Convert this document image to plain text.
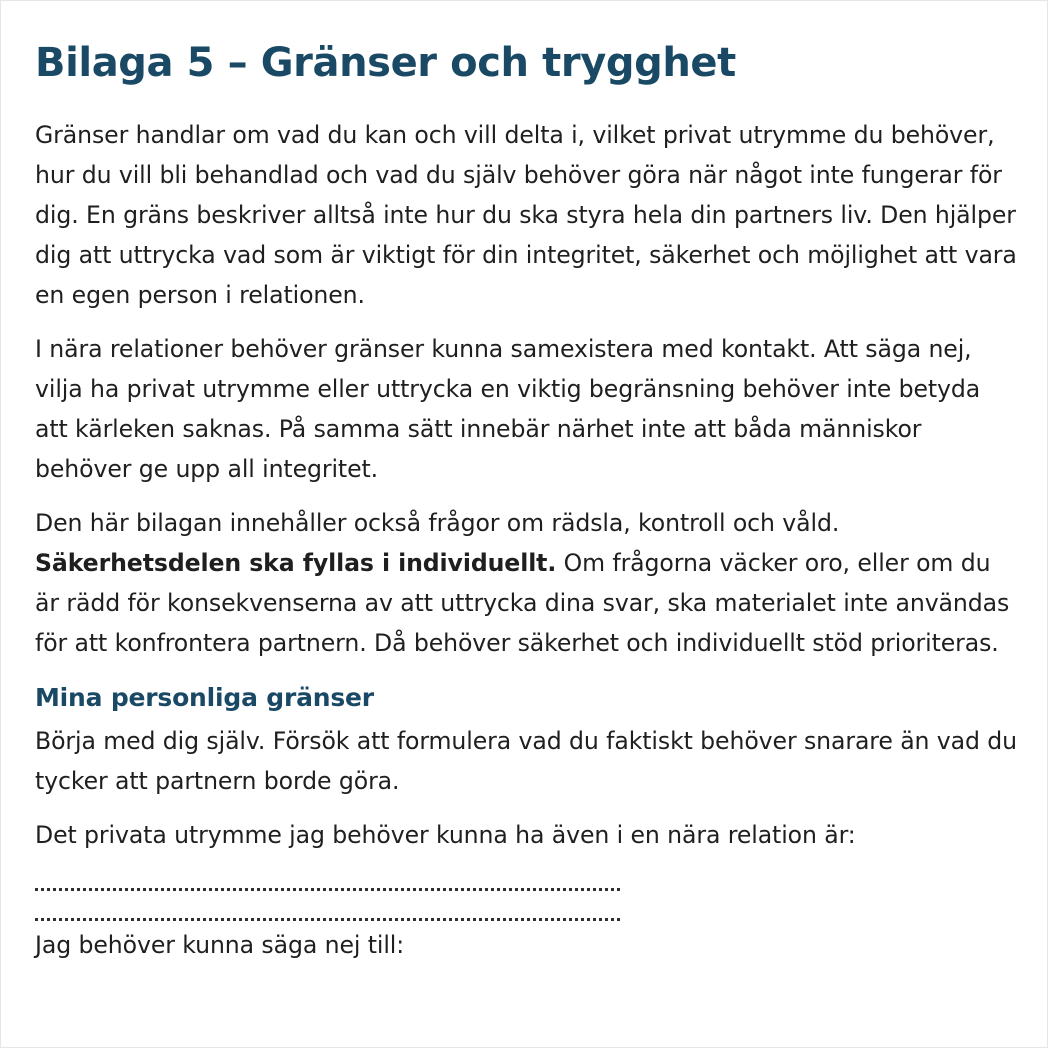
Bilaga 5 – Gränser och trygghet

Gränser handlar om vad du kan och vill delta i, vilket privat utrymme du behöver, hur du vill bli behandlad och vad du själv behöver göra när något inte fungerar för dig. En gräns beskriver alltså inte hur du ska styra hela din partners liv. Den hjälper dig att uttrycka vad som är viktigt för din integritet, säkerhet och möjlighet att vara en egen person i relationen.

I nära relationer behöver gränser kunna samexistera med kontakt. Att säga nej, vilja ha privat utrymme eller uttrycka en viktig begränsning behöver inte betyda att kärleken saknas. På samma sätt innebär närhet inte att båda människor behöver ge upp all integritet.

Den här bilagan innehåller också frågor om rädsla, kontroll och våld. Säkerhetsdelen ska fyllas i individuellt. Om frågorna väcker oro, eller om du är rädd för konsekvenserna av att uttrycka dina svar, ska materialet inte användas för att konfrontera partnern. Då behöver säkerhet och individuellt stöd prioriteras.

Mina personliga gränser

Börja med dig själv. Försök att formulera vad du faktiskt behöver snarare än vad du tycker att partnern borde göra.

Det privata utrymme jag behöver kunna ha även i en nära relation är:

Jag behöver kunna säga nej till:
